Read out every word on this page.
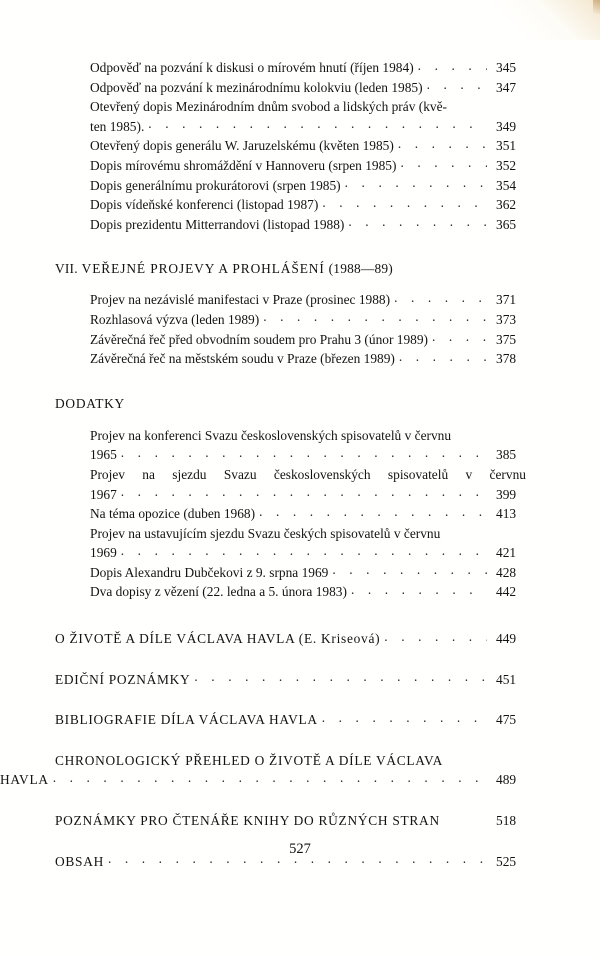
Odpověď na pozvání k diskusi o mírovém hnutí (říjen 1984) . . .	345
Odpověď na pozvání k mezinárodnímu kolokviu (leden 1985) . . .	347
Otevřený dopis Mezinárodním dnům svobod a lidských práv (kvě-
ten 1985). . . .	349
Otevřený dopis generálu W. Jaruzelskému (květen 1985) . . .	351
Dopis mírovému shromáždění v Hannoveru (srpen 1985) . . .	352
Dopis generálnímu prokurátorovi (srpen 1985) . . .	354
Dopis vídeňské konferenci (listopad 1987) . . .	362
Dopis prezidentu Mitterrandovi (listopad 1988) . . .	365
VII. VEŘEJNÉ PROJEVY A PROHLÁŠENÍ (1988—89)
Projev na nezávislé manifestaci v Praze (prosinec 1988) . . .	371
Rozhlasová výzva (leden 1989) . . .	373
Závěrečná řeč před obvodním soudem pro Prahu 3 (únor 1989) . . .	375
Závěrečná řeč na městském soudu v Praze (březen 1989) . . .	378
DODATKY
Projev na konferenci Svazu československých spisovatelů v červnu
1965 . . .	385
Projev na sjezdu Svazu československých spisovatelů v červnu
1967 . . .	399
Na téma opozice (duben 1968) . . .	413
Projev na ustavujícím sjezdu Svazu českých spisovatelů v červnu
1969 . . .	421
Dopis Alexandru Dubčekovi z 9. srpna 1969 . . .	428
Dva dopisy z vězení (22. ledna a 5. února 1983) . . .	442
O ŽIVOTĚ A DÍLE VÁCLAVA HAVLA (E. Kriseová) . . .	449
EDIČNÍ POZNÁMKY . . .	451
BIBLIOGRAFIE DÍLA VÁCLAVA HAVLA . . .	475
CHRONOLOGICKÝ PŘEHLED O ŽIVOTĚ A DÍLE VÁCLAVA
HAVLA . . .	489
POZNÁMKY PRO ČTENÁŘE KNIHY DO RŮZNÝCH STRAN	518
OBSAH . . .	525
527
